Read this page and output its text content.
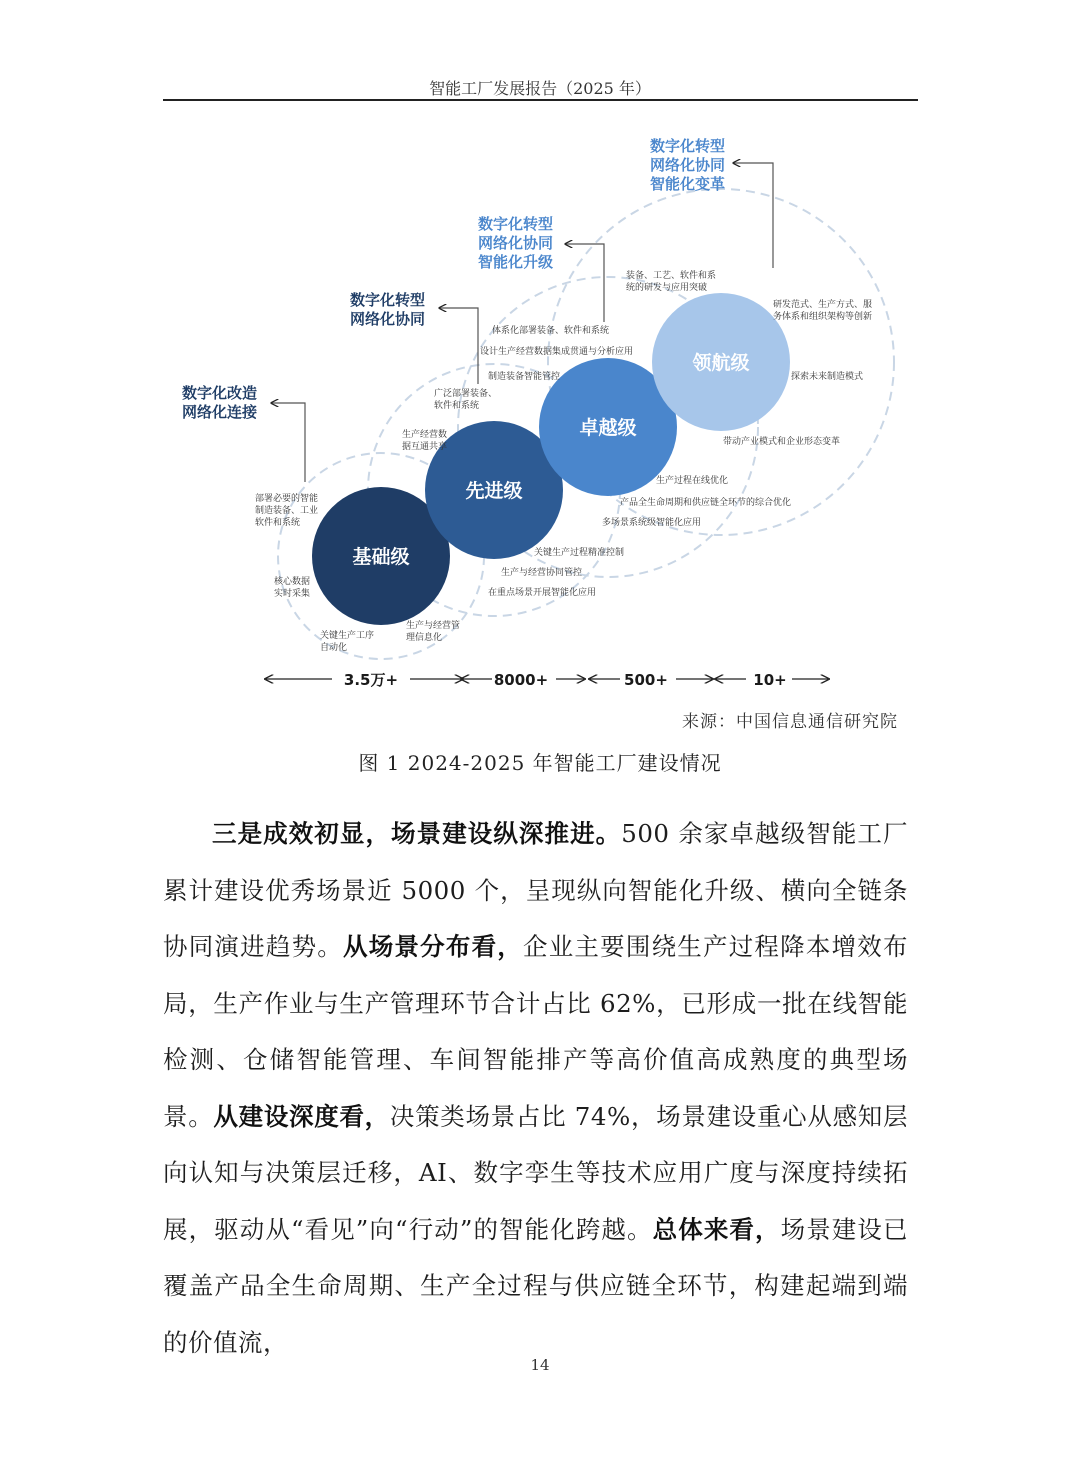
智能工厂发展报告（2025 年）
基础级
先进级
卓越级
领航级
数字化改造
网络化连接
数字化转型
网络化协同
数字化转型
网络化协同
智能化升级
数字化转型
网络化协同
智能化变革
部署必要的智能
制造装备、工业
软件和系统
核心数据
实时采集
关键生产工序
自动化
生产与经营管
理信息化
生产经营数
据互通共享
广泛部署装备、
软件和系统
关键生产过程精准控制
生产与经营协同管控
在重点场景开展智能化应用
体系化部署装备、软件和系统
设计生产经营数据集成贯通与分析应用
制造装备智能管控
生产过程在线优化
产品全生命周期和供应链全环节的综合优化
多场景系统级智能化应用
装备、工艺、软件和系
统的研发与应用突破
研发范式、生产方式、服
务体系和组织架构等创新
探索未来制造模式
带动产业模式和企业形态变革
3.5万+	8000+	500+	10+
来源：中国信息通信研究院
图 1 2024-2025 年智能工厂建设情况

三是成效初显，场景建设纵深推进。500 余家卓越级智能工厂累计建设优秀场景近 5000 个，呈现纵向智能化升级、横向全链条协同演进趋势。从场景分布看，企业主要围绕生产过程降本增效布局，生产作业与生产管理环节合计占比 62%，已形成一批在线智能检测、仓储智能管理、车间智能排产等高价值高成熟度的典型场景。从建设深度看，决策类场景占比 74%，场景建设重心从感知层向认知与决策层迁移，AI、数字孪生等技术应用广度与深度持续拓展，驱动从“看见”向“行动”的智能化跨越。总体来看，场景建设已覆盖产品全生命周期、生产全过程与供应链全环节，构建起端到端的价值流，

14
